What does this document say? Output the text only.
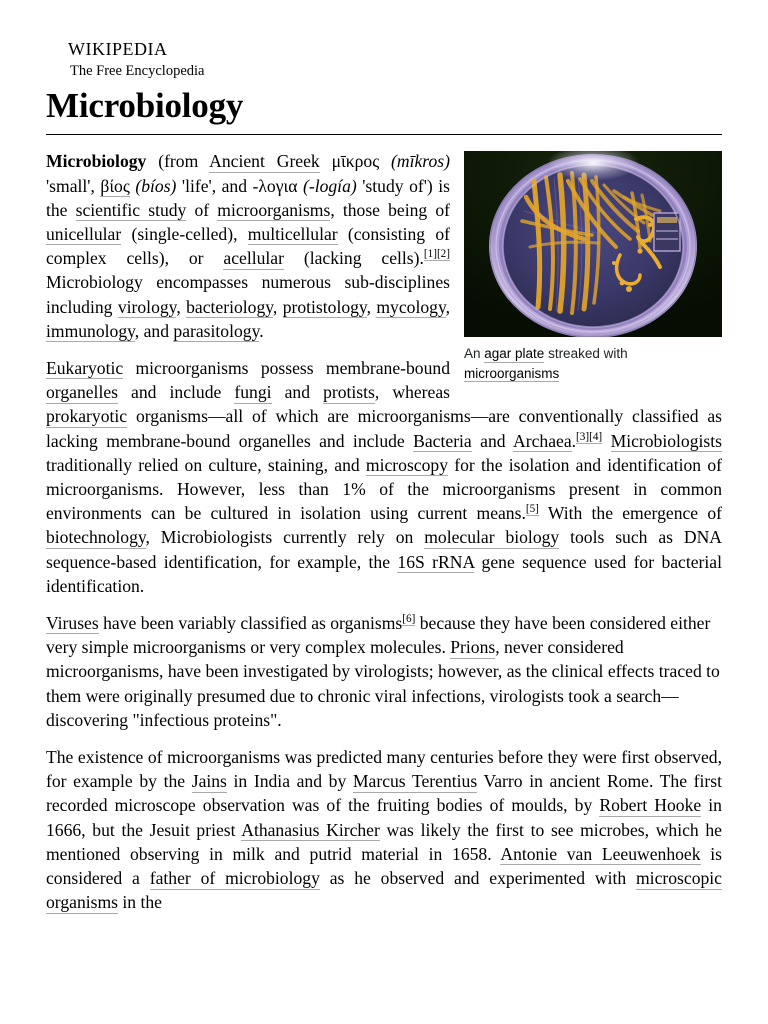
wikipedia
The Free Encyclopedia
Microbiology
An agar plate streaked with microorganisms

Microbiology (from Ancient Greek μῑκρος (mīkros) 'small', βίος (bíos) 'life', and -λογια (-logía) 'study of') is the scientific study of microorganisms, those being of unicellular (single-celled), multicellular (consisting of complex cells), or acellular (lacking cells).[1][2] Microbiology encompasses numerous sub-disciplines including virology, bacteriology, protistology, mycology, immunology, and parasitology.

Eukaryotic microorganisms possess membrane-bound organelles and include fungi and protists, whereas prokaryotic organisms—all of which are microorganisms—are conventionally classified as lacking membrane-bound organelles and include Bacteria and Archaea.[3][4] Microbiologists traditionally relied on culture, staining, and microscopy for the isolation and identification of microorganisms. However, less than 1% of the microorganisms present in common environments can be cultured in isolation using current means.[5] With the emergence of biotechnology, Microbiologists currently rely on molecular biology tools such as DNA sequence-based identification, for example, the 16S rRNA gene sequence used for bacterial identification.

Viruses have been variably classified as organisms[6] because they have been considered either very simple microorganisms or very complex molecules. Prions, never considered microorganisms, have been investigated by virologists; however, as the clinical effects traced to them were originally presumed due to chronic viral infections, virologists took a search—discovering "infectious proteins".

The existence of microorganisms was predicted many centuries before they were first observed, for example by the Jains in India and by Marcus Terentius Varro in ancient Rome. The first recorded microscope observation was of the fruiting bodies of moulds, by Robert Hooke in 1666, but the Jesuit priest Athanasius Kircher was likely the first to see microbes, which he mentioned observing in milk and putrid material in 1658. Antonie van Leeuwenhoek is considered a father of microbiology as he observed and experimented with microscopic organisms in the
